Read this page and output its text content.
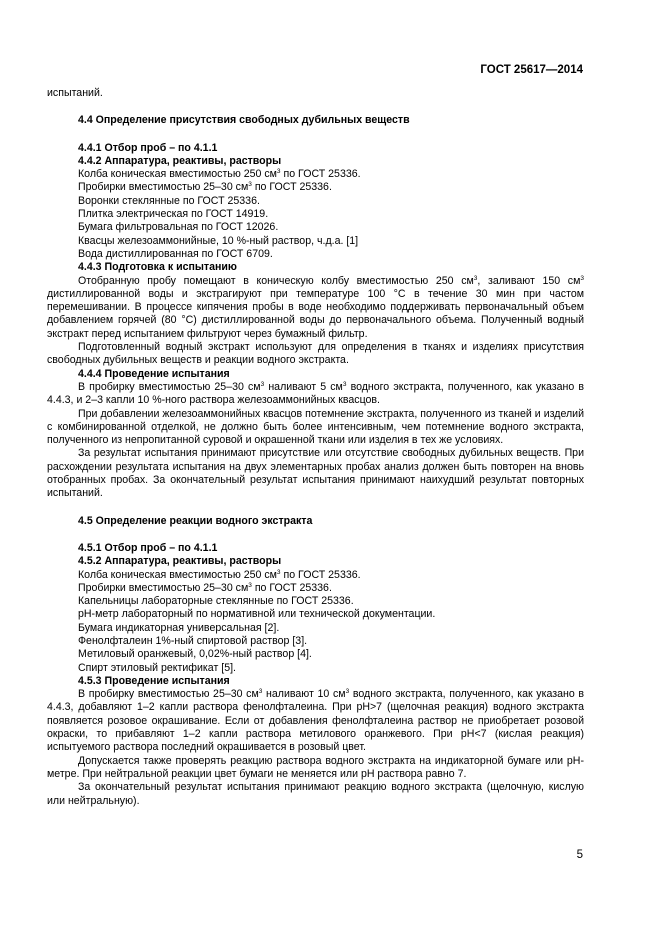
ГОСТ 25617—2014

испытаний.

4.4 Определение присутствия свободных дубильных веществ

4.4.1 Отбор проб – по 4.1.1

4.4.2 Аппаратура, реактивы, растворы

Колба коническая вместимостью 250 $см^3$ по ГОСТ 25336.

Пробирки вместимостью 25–30 $см^3$ по ГОСТ 25336.

Воронки стеклянные по ГОСТ 25336.

Плитка электрическая по ГОСТ 14919.

Бумага фильтровальная по ГОСТ 12026.

Квасцы железоаммонийные, 10 %-ный раствор, ч.д.а. [1]

Вода дистиллированная по ГОСТ 6709.

4.4.3 Подготовка к испытанию

Отобранную пробу помещают в коническую колбу вместимостью 250 $см^3$, заливают 150 $см^3$ дистиллированной воды и экстрагируют при температуре 100 °С в течение 30 мин при частом перемешивании. В процессе кипячения пробы в воде необходимо поддерживать первоначальный объем добавлением горячей (80 °С) дистиллированной воды до первоначального объема. Полученный водный экстракт перед испытанием фильтруют через бумажный фильтр.

Подготовленный водный экстракт используют для определения в тканях и изделиях присутствия свободных дубильных веществ и реакции водного экстракта.

4.4.4 Проведение испытания

В пробирку вместимостью 25–30 $см^3$ наливают 5 $см^3$ водного экстракта, полученного, как указано в 4.4.3, и 2–3 капли 10 %-ного раствора железоаммонийных квасцов.

При добавлении железоаммонийных квасцов потемнение экстракта, полученного из тканей и изделий с комбинированной отделкой, не должно быть более интенсивным, чем потемнение водного экстракта, полученного из непропитанной суровой и окрашенной ткани или изделия в тех же условиях.

За результат испытания принимают присутствие или отсутствие свободных дубильных веществ. При расхождении результата испытания на двух элементарных пробах анализ должен быть повторен на вновь отобранных пробах. За окончательный результат испытания принимают наихудший результат повторных испытаний.

4.5 Определение реакции водного экстракта

4.5.1 Отбор проб – по 4.1.1

4.5.2 Аппаратура, реактивы, растворы

Колба коническая вместимостью 250 $см^3$ по ГОСТ 25336.

Пробирки вместимостью 25–30 $см^3$ по ГОСТ 25336.

Капельницы лабораторные стеклянные по ГОСТ 25336.

рН-метр лабораторный по нормативной или технической документации.

Бумага индикаторная универсальная [2].

Фенолфталеин 1%-ный спиртовой раствор [3].

Метиловый оранжевый, 0,02%-ный раствор [4].

Спирт этиловый ректификат [5].

4.5.3 Проведение испытания

В пробирку вместимостью 25–30 $см^3$ наливают 10 $см^3$ водного экстракта, полученного, как указано в 4.4.3, добавляют 1–2 капли раствора фенолфталеина. При рН>7 (щелочная реакция) водного экстракта появляется розовое окрашивание. Если от добавления фенолфталеина раствор не приобретает розовой окраски, то прибавляют 1–2 капли раствора метилового оранжевого. При рН<7 (кислая реакция) испытуемого раствора последний окрашивается в розовый цвет.

Допускается также проверять реакцию раствора водного экстракта на индикаторной бумаге или рН-метре. При нейтральной реакции цвет бумаги не меняется или рН раствора равно 7.

За окончательный результат испытания принимают реакцию водного экстракта (щелочную, кислую или нейтральную).

5
